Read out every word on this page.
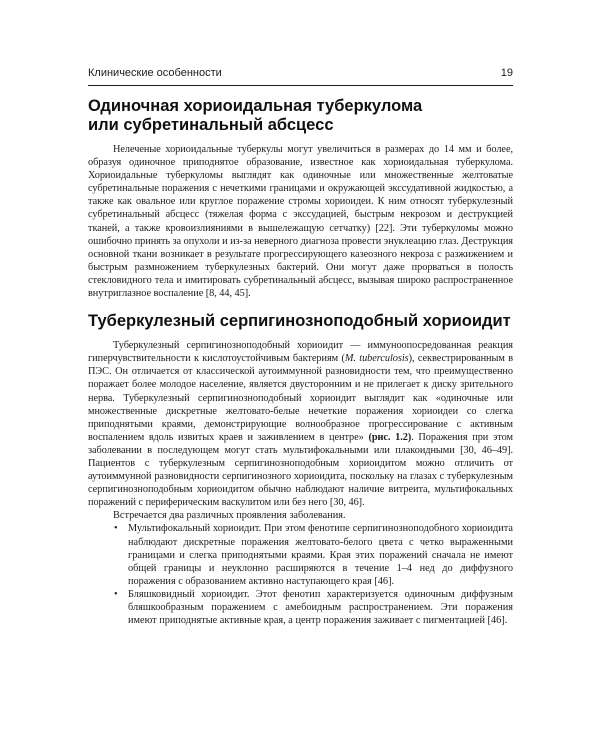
Клинические особенности	19
Одиночная хориоидальная туберкулома
или субретинальный абсцесс

Нелеченые хориоидальные туберкулы могут увеличиться в размерах до 14 мм и более, образуя одиночное приподнятое образование, известное как хориоидальная туберкулома. Хориоидальные туберкуломы выглядят как одиночные или множественные желтоватые субретинальные поражения с нечеткими границами и окружающей экссудативной жидкостью, а также как овальное или круглое поражение стромы хориоидеи. К ним относят туберкулезный субретинальный абсцесс (тяжелая форма с экссудацией, быстрым некрозом и деструкцией тканей, а также кровоизлияниями в вышележащую сетчатку) [22]. Эти туберкуломы можно ошибочно принять за опухоли и из-за неверного диагноза провести энуклеацию глаз. Деструкция основной ткани возникает в результате прогрессирующего казеозного некроза с разжижением и быстрым размножением туберкулезных бактерий. Они могут даже прорваться в полость стекловидного тела и имитировать субретинальный абсцесс, вызывая широко распространенное внутриглазное воспаление [8, 44, 45].

Туберкулезный серпигинозноподобный хориоидит

Туберкулезный серпигинозноподобный хориоидит — иммуноопосредованная реакция гиперчувствительности к кислотоустойчивым бактериям (M. tuberculosis), секвестрированным в ПЭС. Он отличается от классической аутоиммунной разновидности тем, что преимущественно поражает более молодое население, является двусторонним и не прилегает к диску зрительного нерва. Туберкулезный серпигинозноподобный хориоидит выглядит как «одиночные или множественные дискретные желтовато-белые нечеткие поражения хориоидеи со слегка приподнятыми краями, демонстрирующие волнообразное прогрессирование с активным воспалением вдоль извитых краев и заживлением в центре» (рис. 1.2). Поражения при этом заболевании в последующем могут стать мультифокальными или плакоидными [30, 46–49]. Пациентов с туберкулезным серпигинозноподобным хориоидитом можно отличить от аутоиммунной разновидности серпигинозного хориоидита, поскольку на глазах с туберкулезным серпигинозноподобным хориоидитом обычно наблюдают наличие витреита, мультифокальных поражений с периферическим васкулитом или без него [30, 46].

Встречается два различных проявления заболевания.

• Мультифокальный хориоидит. При этом фенотипе серпигинозноподобного хориоидита наблюдают дискретные поражения желтовато-белого цвета с четко выраженными границами и слегка приподнятыми краями. Края этих поражений сначала не имеют общей границы и неуклонно расширяются в течение 1–4 нед до диффузного поражения с образованием активно наступающего края [46].
• Бляшковидный хориоидит. Этот фенотип характеризуется одиночным диффузным бляшкообразным поражением с амебоидным распространением. Эти поражения имеют приподнятые активные края, а центр поражения заживает с пигментацией [46].
